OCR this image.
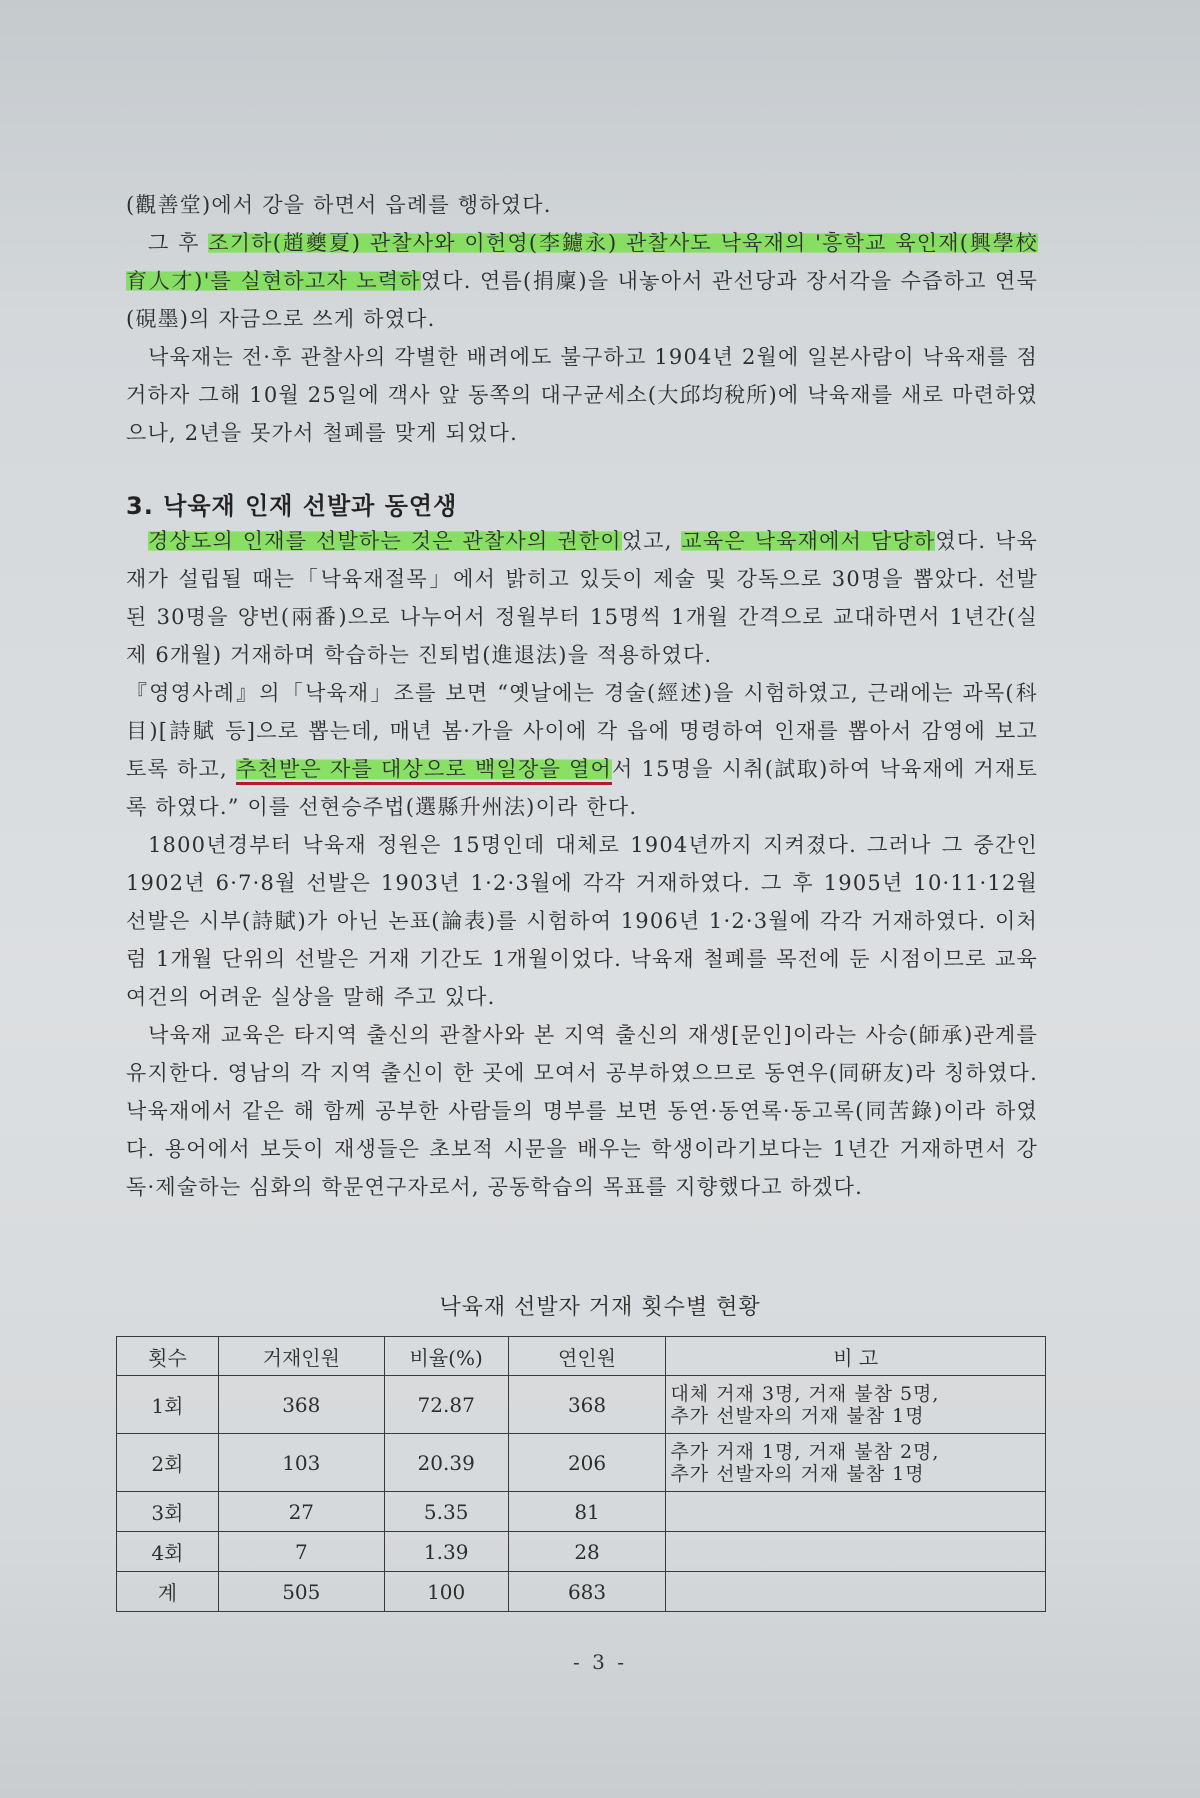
(觀善堂)에서 강을 하면서 읍례를 행하였다.

그 후 조기하(趙夔夏) 관찰사와 이헌영(李鑢永) 관찰사도 낙육재의 '흥학교 육인재(興學校育人才)'를 실현하고자 노력하였다. 연름(捐廩)을 내놓아서 관선당과 장서각을 수즙하고 연묵(硯墨)의 자금으로 쓰게 하였다.

낙육재는 전·후 관찰사의 각별한 배려에도 불구하고 1904년 2월에 일본사람이 낙육재를 점거하자 그해 10월 25일에 객사 앞 동쪽의 대구균세소(大邱均稅所)에 낙육재를 새로 마련하였으나, 2년을 못가서 철폐를 맞게 되었다.

3. 낙육재 인재 선발과 동연생

경상도의 인재를 선발하는 것은 관찰사의 권한이었고, 교육은 낙육재에서 담당하였다. 낙육재가 설립될 때는「낙육재절목」에서 밝히고 있듯이 제술 및 강독으로 30명을 뽑았다. 선발된 30명을 양번(兩番)으로 나누어서 정월부터 15명씩 1개월 간격으로 교대하면서 1년간(실제 6개월) 거재하며 학습하는 진퇴법(進退法)을 적용하였다.

『영영사례』의「낙육재」조를 보면 “옛날에는 경술(經述)을 시험하였고, 근래에는 과목(科目)[詩賦 등]으로 뽑는데, 매년 봄·가을 사이에 각 읍에 명령하여 인재를 뽑아서 감영에 보고토록 하고, 추천받은 자를 대상으로 백일장을 열어서 15명을 시취(試取)하여 낙육재에 거재토록 하였다.” 이를 선현승주법(選縣升州法)이라 한다.

1800년경부터 낙육재 정원은 15명인데 대체로 1904년까지 지켜졌다. 그러나 그 중간인 1902년 6·7·8월 선발은 1903년 1·2·3월에 각각 거재하였다. 그 후 1905년 10·11·12월 선발은 시부(詩賦)가 아닌 논표(論表)를 시험하여 1906년 1·2·3월에 각각 거재하였다. 이처럼 1개월 단위의 선발은 거재 기간도 1개월이었다. 낙육재 철폐를 목전에 둔 시점이므로 교육여건의 어려운 실상을 말해 주고 있다.

낙육재 교육은 타지역 출신의 관찰사와 본 지역 출신의 재생[문인]이라는 사승(師承)관계를 유지한다. 영남의 각 지역 출신이 한 곳에 모여서 공부하였으므로 동연우(同硏友)라 칭하였다. 낙육재에서 같은 해 함께 공부한 사람들의 명부를 보면 동연·동연록·동고록(同苦錄)이라 하였다. 용어에서 보듯이 재생들은 초보적 시문을 배우는 학생이라기보다는 1년간 거재하면서 강독·제술하는 심화의 학문연구자로서, 공동학습의 목표를 지향했다고 하겠다.

낙육재 선발자 거재 횟수별 현황
횟수	거재인원	비율(%)	연인원	비 고
1회	368	72.87	368	대체 거재 3명, 거재 불참 5명,
추가 선발자의 거재 불참 1명

2회	103	20.39	206	추가 거재 1명, 거재 불참 2명,
추가 선발자의 거재 불참 1명

3회	27	5.35	81	
4회	7	1.39	28	
계	505	100	683	
- 3 -
